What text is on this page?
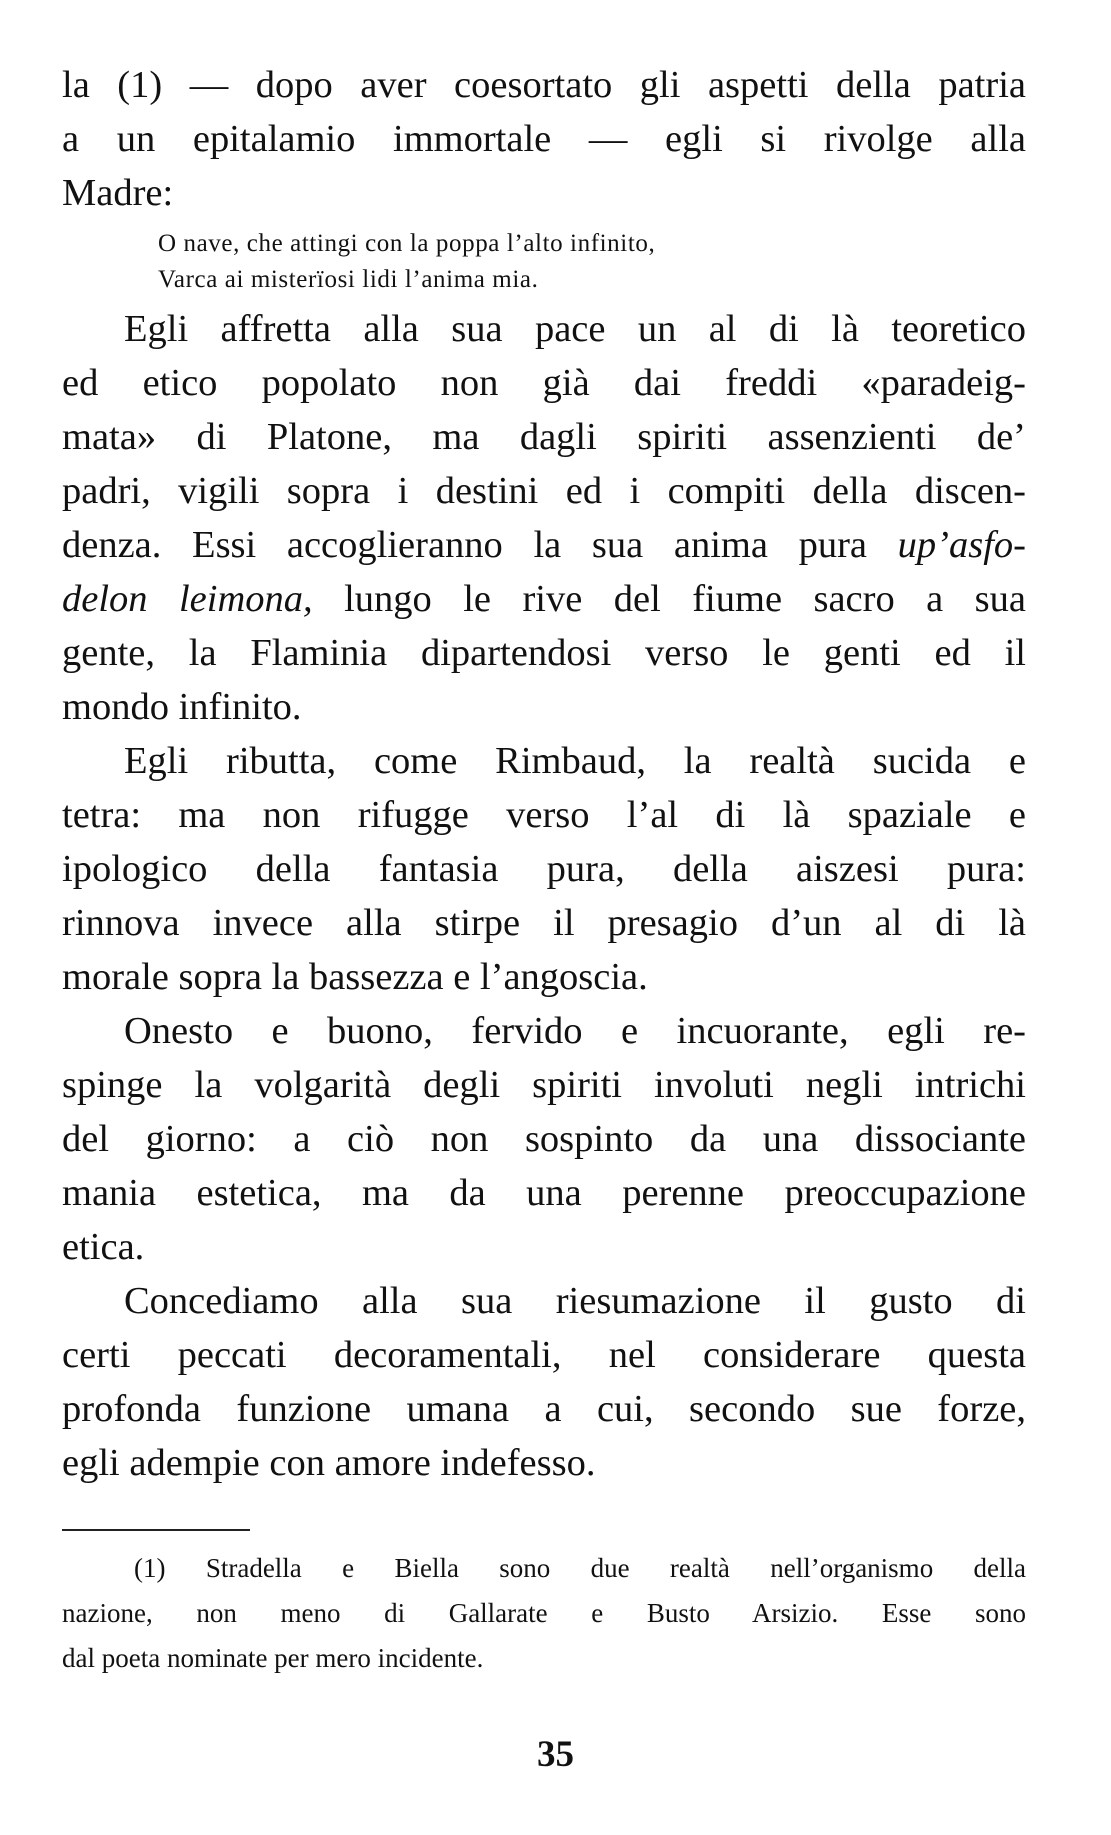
la (1) — dopo aver coesortato gli aspetti della patria
a un epitalamio immortale — egli si rivolge alla
Madre:
O nave, che attingi con la poppa l’alto infinito,
Varca ai misterïosi lidi l’anima mia.
Egli affretta alla sua pace un al di là teoretico
ed etico popolato non già dai freddi «paradeig-
mata» di Platone, ma dagli spiriti assenzienti de’
padri, vigili sopra i destini ed i compiti della discen-
denza. Essi accoglieranno la sua anima pura up’asfo-
delon leimona, lungo le rive del fiume sacro a sua
gente, la Flaminia dipartendosi verso le genti ed il
mondo infinito.
Egli ributta, come Rimbaud, la realtà sucida e
tetra: ma non rifugge verso l’al di là spaziale e
ipologico della fantasia pura, della aiszesi pura:
rinnova invece alla stirpe il presagio d’un al di là
morale sopra la bassezza e l’angoscia.
Onesto e buono, fervido e incuorante, egli re-
spinge la volgarità degli spiriti involuti negli intrichi
del giorno: a ciò non sospinto da una dissociante
mania estetica, ma da una perenne preoccupazione
etica.
Concediamo alla sua riesumazione il gusto di
certi peccati decoramentali, nel considerare questa
profonda funzione umana a cui, secondo sue forze,
egli adempie con amore indefesso.
(1) Stradella e Biella sono due realtà nell’organismo della
nazione, non meno di Gallarate e Busto Arsizio. Esse sono
dal poeta nominate per mero incidente.
35
